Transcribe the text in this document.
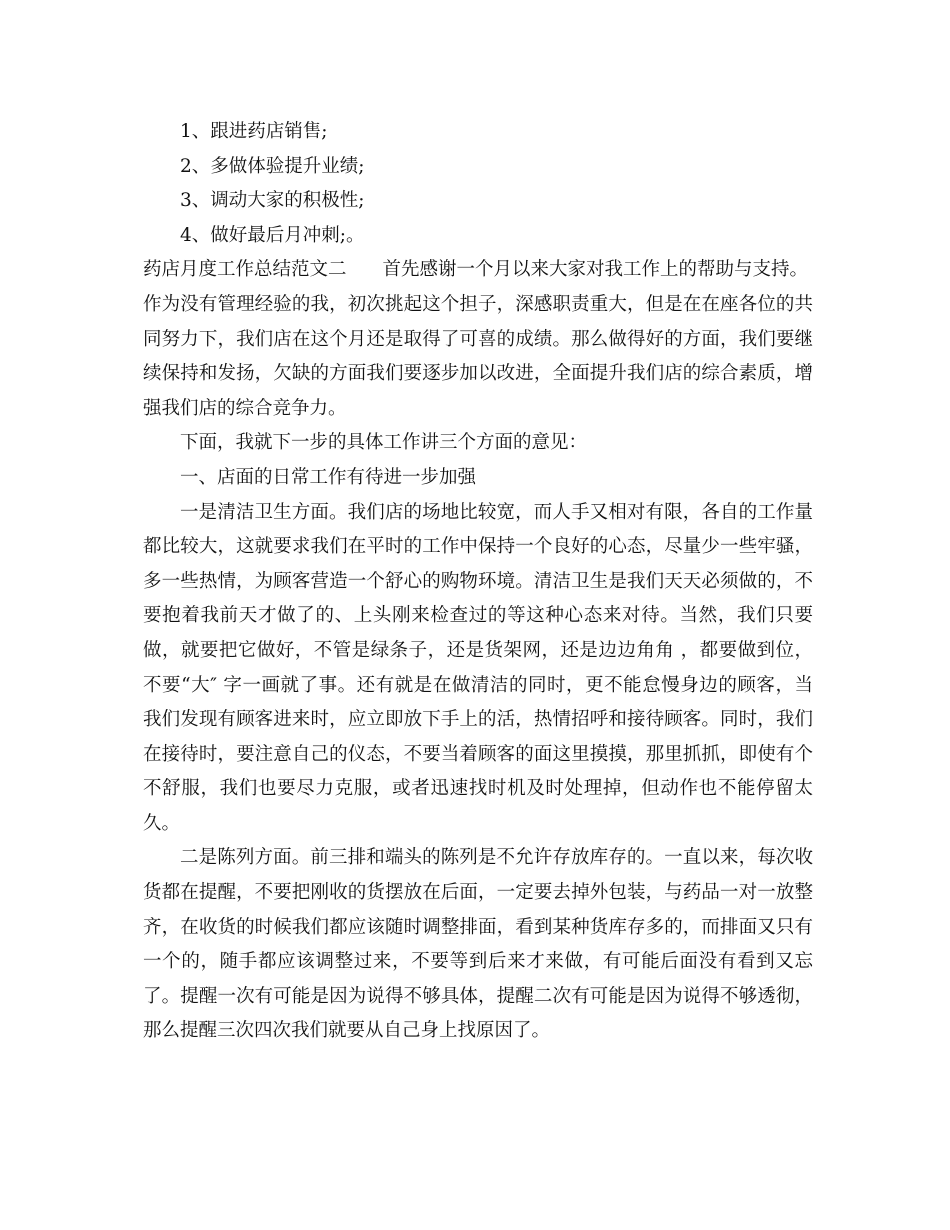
1、跟进药店销售;
2、多做体验提升业绩;
3、调动大家的积极性;
4、做好最后月冲刺;。
药店月度工作总结范文二 首先感谢一个月以来大家对我工作上的帮助与支持。
作为没有管理经验的我，初次挑起这个担子，深感职责重大，但是在在座各位的共
同努力下，我们店在这个月还是取得了可喜的成绩。那么做得好的方面，我们要继
续保持和发扬，欠缺的方面我们要逐步加以改进，全面提升我们店的综合素质，增
强我们店的综合竞争力。
下面，我就下一步的具体工作讲三个方面的意见：
一、店面的日常工作有待进一步加强
一是清洁卫生方面。我们店的场地比较宽，而人手又相对有限，各自的工作量
都比较大，这就要求我们在平时的工作中保持一个良好的心态，尽量少一些牢骚，
多一些热情，为顾客营造一个舒心的购物环境。清洁卫生是我们天天必须做的，不
要抱着我前天才做了的、上头刚来检查过的等这种心态来对待。当然，我们只要
做，就要把它做好，不管是绿条子，还是货架网，还是边边角角 ，都要做到位，
不要“大″ 字一画就了事。还有就是在做清洁的同时，更不能怠慢身边的顾客，当
我们发现有顾客进来时，应立即放下手上的活，热情招呼和接待顾客。同时，我们
在接待时，要注意自己的仪态，不要当着顾客的面这里摸摸，那里抓抓，即使有个
不舒服，我们也要尽力克服，或者迅速找时机及时处理掉，但动作也不能停留太
久。
二是陈列方面。前三排和端头的陈列是不允许存放库存的。一直以来，每次收
货都在提醒，不要把刚收的货摆放在后面，一定要去掉外包装，与药品一对一放整
齐，在收货的时候我们都应该随时调整排面，看到某种货库存多的，而排面又只有
一个的，随手都应该调整过来，不要等到后来才来做，有可能后面没有看到又忘
了。提醒一次有可能是因为说得不够具体，提醒二次有可能是因为说得不够透彻，
那么提醒三次四次我们就要从自己身上找原因了。
